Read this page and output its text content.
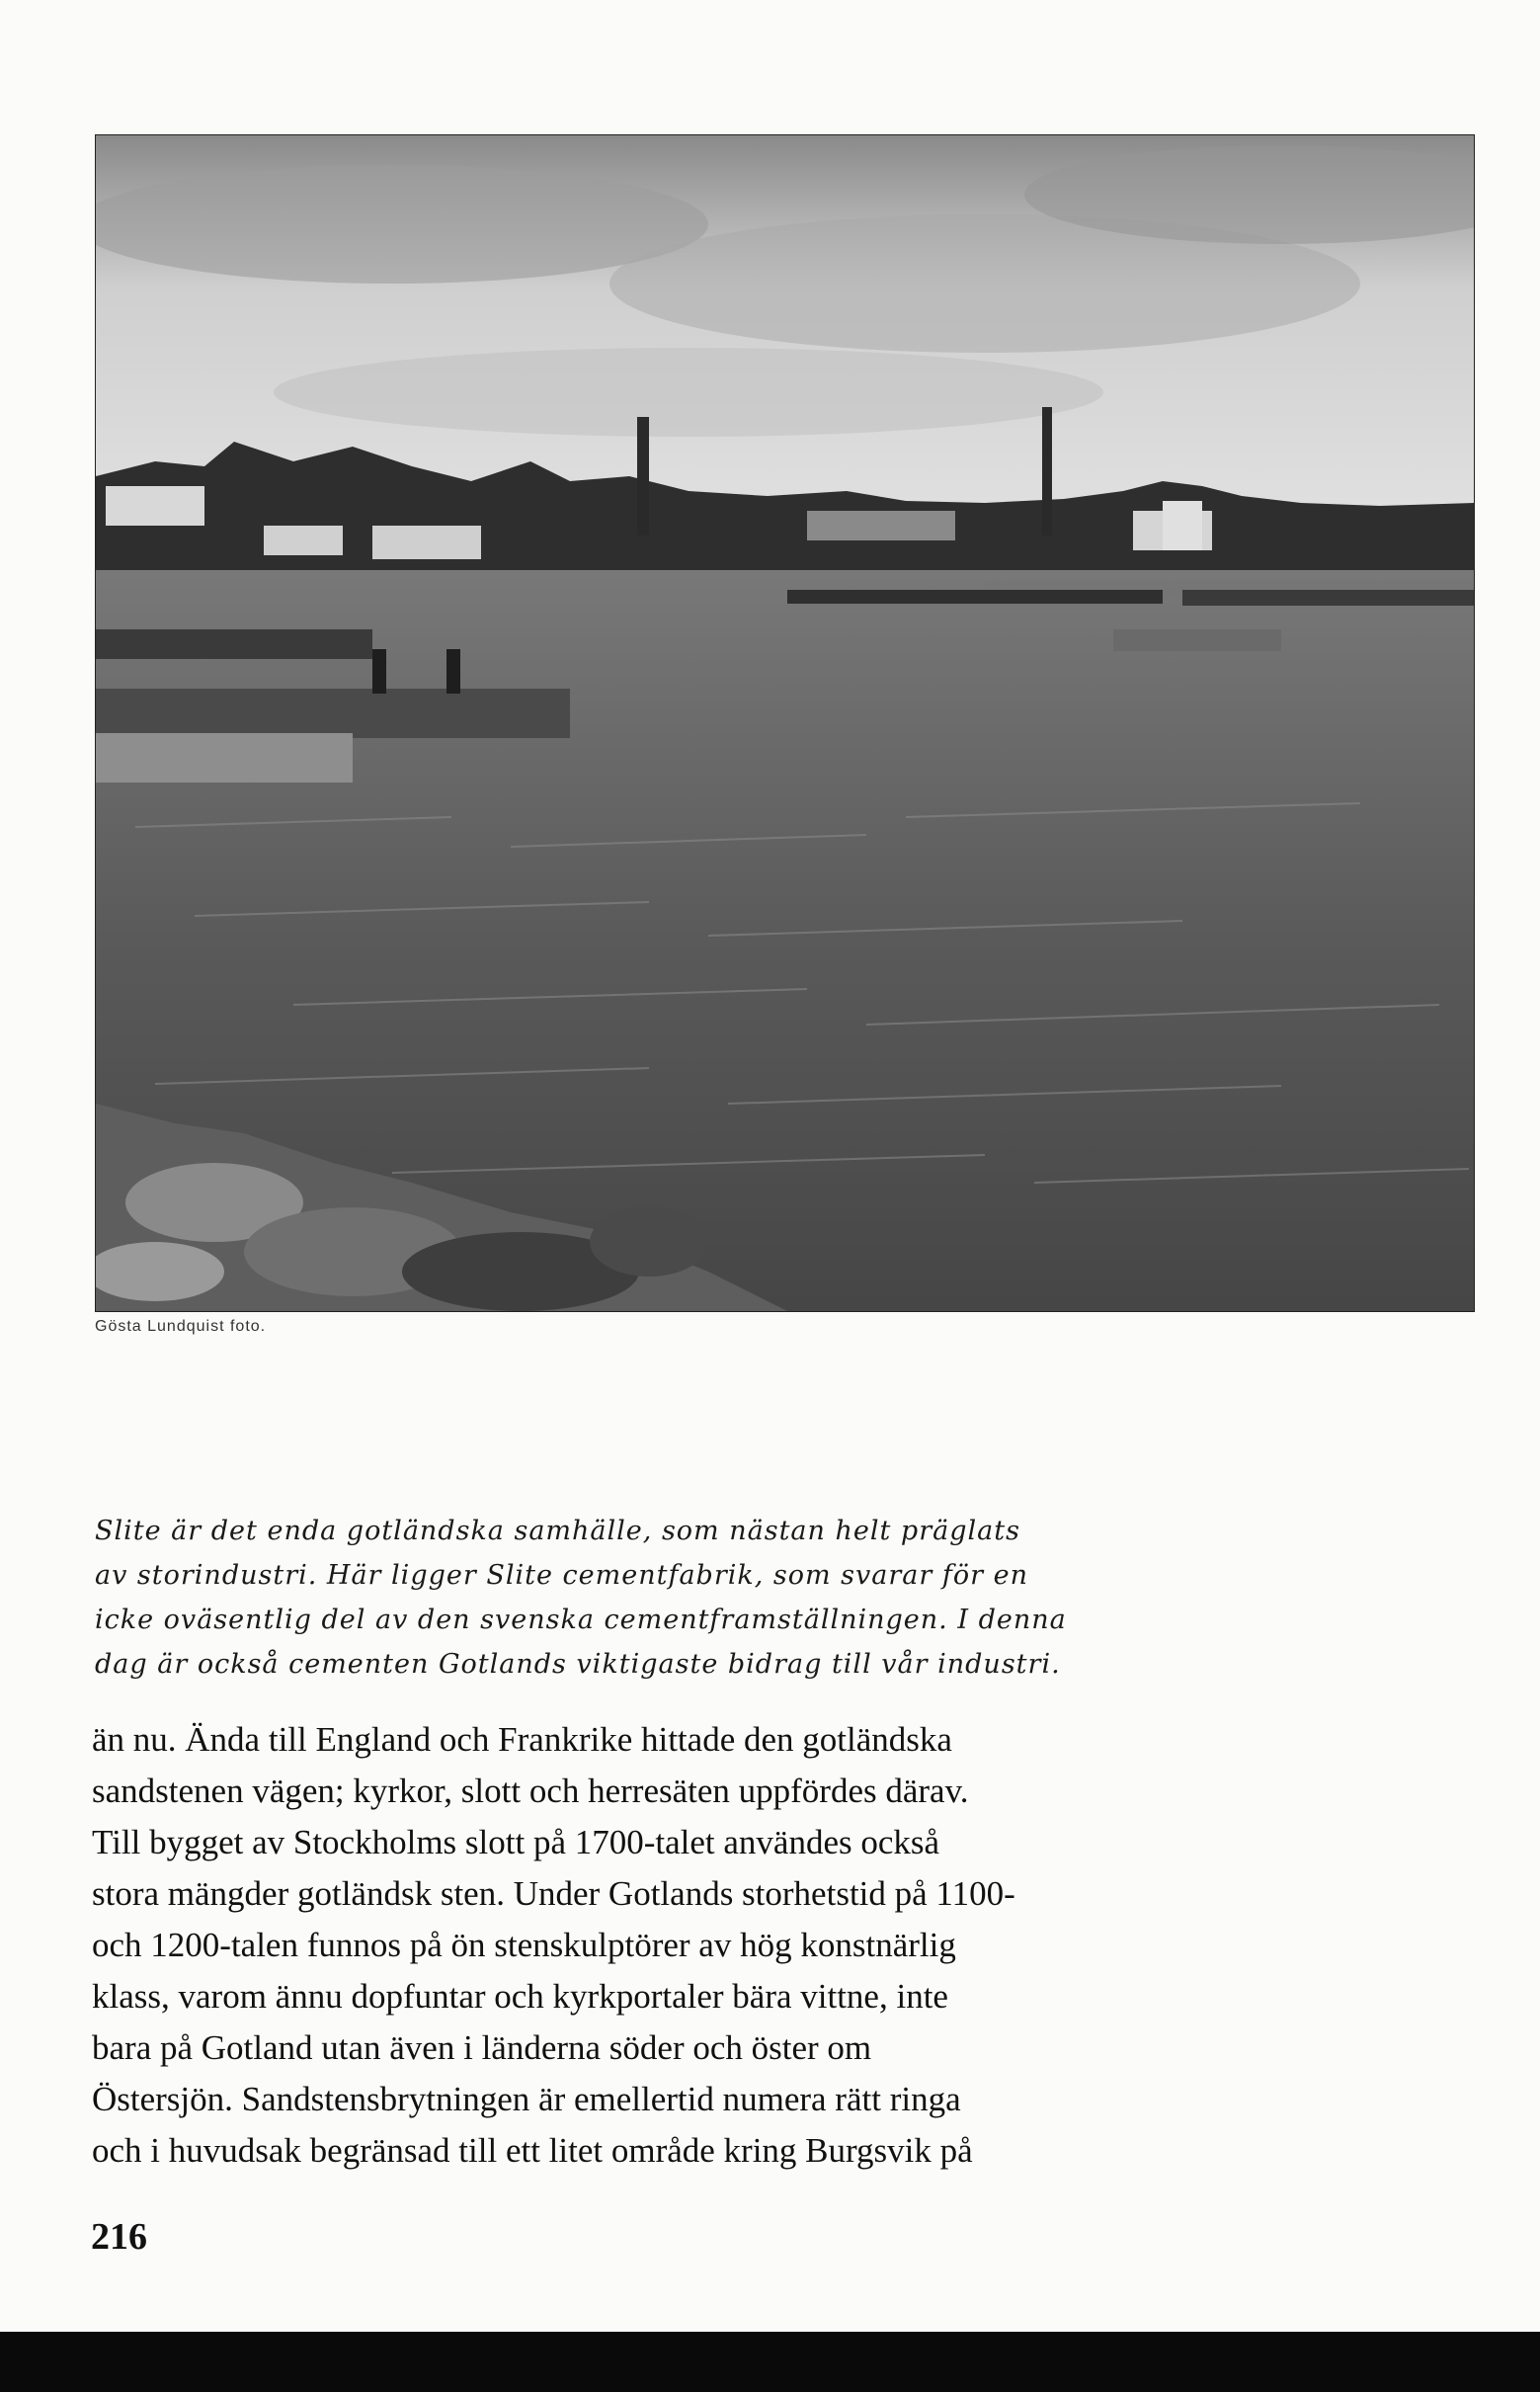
Gösta Lundquist foto.
Slite är det enda gotländska samhälle, som nästan helt präglats
av storindustri. Här ligger Slite cementfabrik, som svarar för en
icke oväsentlig del av den svenska cementframställningen. I denna
dag är också cementen Gotlands viktigaste bidrag till vår industri.
än nu. Ända till England och Frankrike hittade den gotländska
sandstenen vägen; kyrkor, slott och herresäten uppfördes därav.
Till bygget av Stockholms slott på 1700-talet användes också
stora mängder gotländsk sten. Under Gotlands storhetstid på 1100-
och 1200-talen funnos på ön stenskulptörer av hög konstnärlig
klass, varom ännu dopfuntar och kyrkportaler bära vittne, inte
bara på Gotland utan även i länderna söder och öster om
Östersjön. Sandstensbrytningen är emellertid numera rätt ringa
och i huvudsak begränsad till ett litet område kring Burgsvik på
216
